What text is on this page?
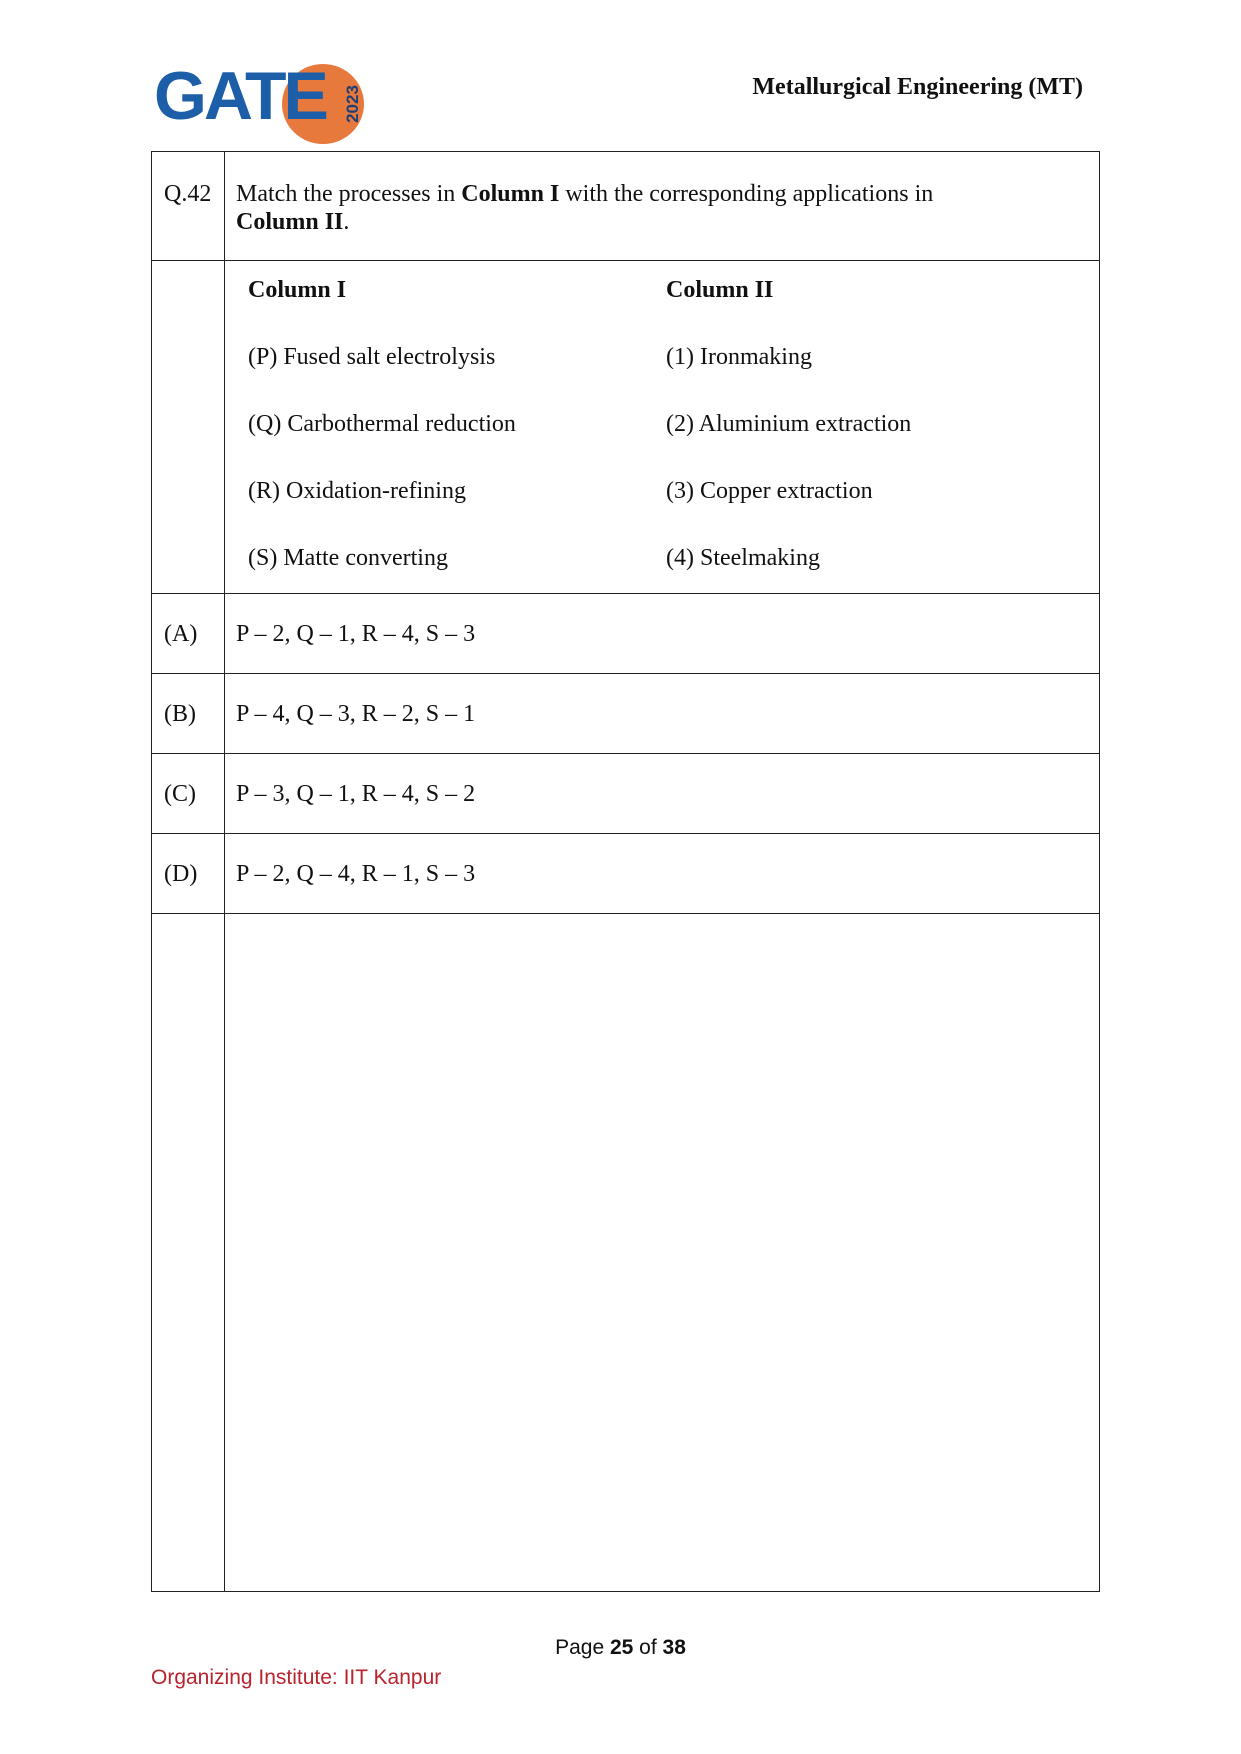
GATE 2023	Metallurgical Engineering (MT)
Q.42 Match the processes in Column I with the corresponding applications in
Column II.
Column I	Column II
(P) Fused salt electrolysis
(Q) Carbothermal reduction
(R) Oxidation-refining
(S) Matte converting
(1) Ironmaking
(2) Aluminium extraction
(3) Copper extraction
(4) Steelmaking
(A) P – 2, Q – 1, R – 4, S – 3
(B) P – 4, Q – 3, R – 2, S – 1
(C) P – 3, Q – 1, R – 4, S – 2
(D) P – 2, Q – 4, R – 1, S – 3
Page 25 of 38
Organizing Institute: IIT Kanpur
